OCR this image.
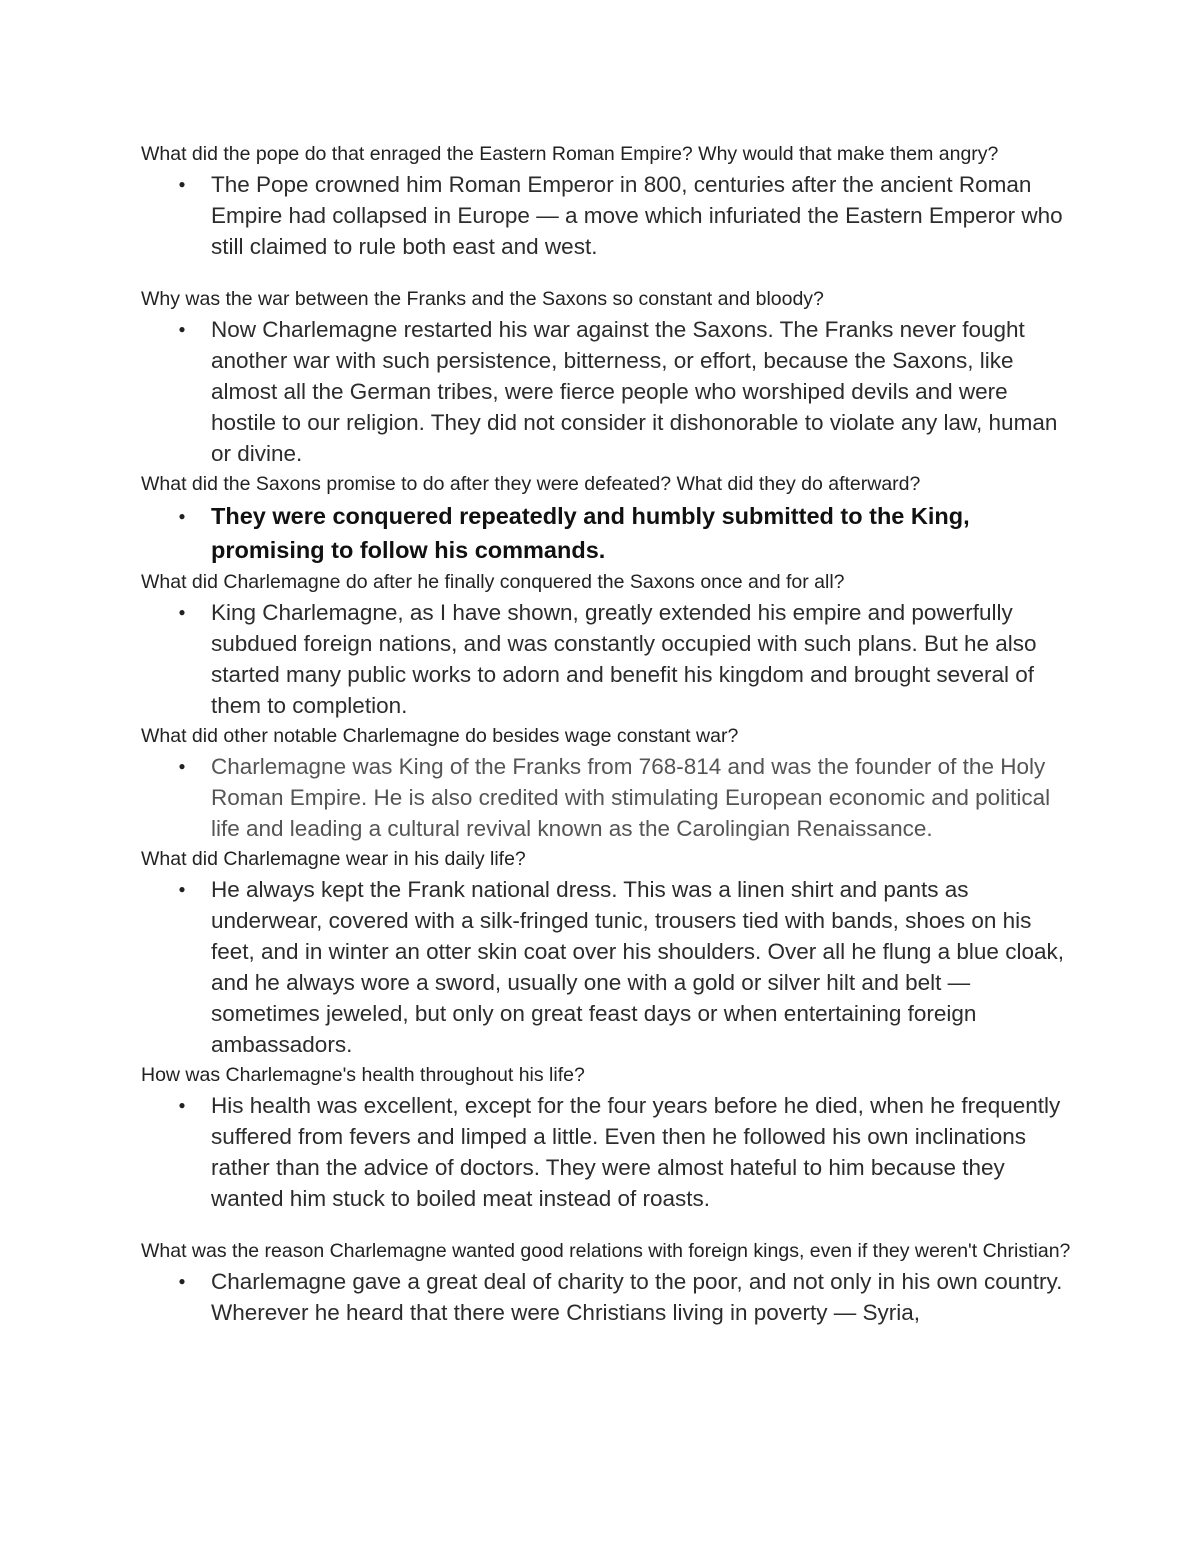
What did the pope do that enraged the Eastern Roman Empire? Why would that make them angry?

● The Pope crowned him Roman Emperor in 800, centuries after the ancient Roman Empire had collapsed in Europe — a move which infuriated the Eastern Emperor who still claimed to rule both east and west.

Why was the war between the Franks and the Saxons so constant and bloody?

● Now Charlemagne restarted his war against the Saxons. The Franks never fought another war with such persistence, bitterness, or effort, because the Saxons, like almost all the German tribes, were fierce people who worshiped devils and were hostile to our religion. They did not consider it dishonorable to violate any law, human or divine.

What did the Saxons promise to do after they were defeated? What did they do afterward?

● They were conquered repeatedly and humbly submitted to the King, promising to follow his commands.

What did Charlemagne do after he finally conquered the Saxons once and for all?

● King Charlemagne, as I have shown, greatly extended his empire and powerfully subdued foreign nations, and was constantly occupied with such plans. But he also started many public works to adorn and benefit his kingdom and brought several of them to completion.

What did other notable Charlemagne do besides wage constant war?

● Charlemagne was King of the Franks from 768-814 and was the founder of the Holy Roman Empire. He is also credited with stimulating European economic and political life and leading a cultural revival known as the Carolingian Renaissance.

What did Charlemagne wear in his daily life?

● He always kept the Frank national dress. This was a linen shirt and pants as underwear, covered with a silk-fringed tunic, trousers tied with bands, shoes on his feet, and in winter an otter skin coat over his shoulders. Over all he flung a blue cloak, and he always wore a sword, usually one with a gold or silver hilt and belt — sometimes jeweled, but only on great feast days or when entertaining foreign ambassadors.

How was Charlemagne's health throughout his life?

● His health was excellent, except for the four years before he died, when he frequently suffered from fevers and limped a little. Even then he followed his own inclinations rather than the advice of doctors. They were almost hateful to him because they wanted him stuck to boiled meat instead of roasts.

What was the reason Charlemagne wanted good relations with foreign kings, even if they weren't Christian?

● Charlemagne gave a great deal of charity to the poor, and not only in his own country. Wherever he heard that there were Christians living in poverty — Syria,
